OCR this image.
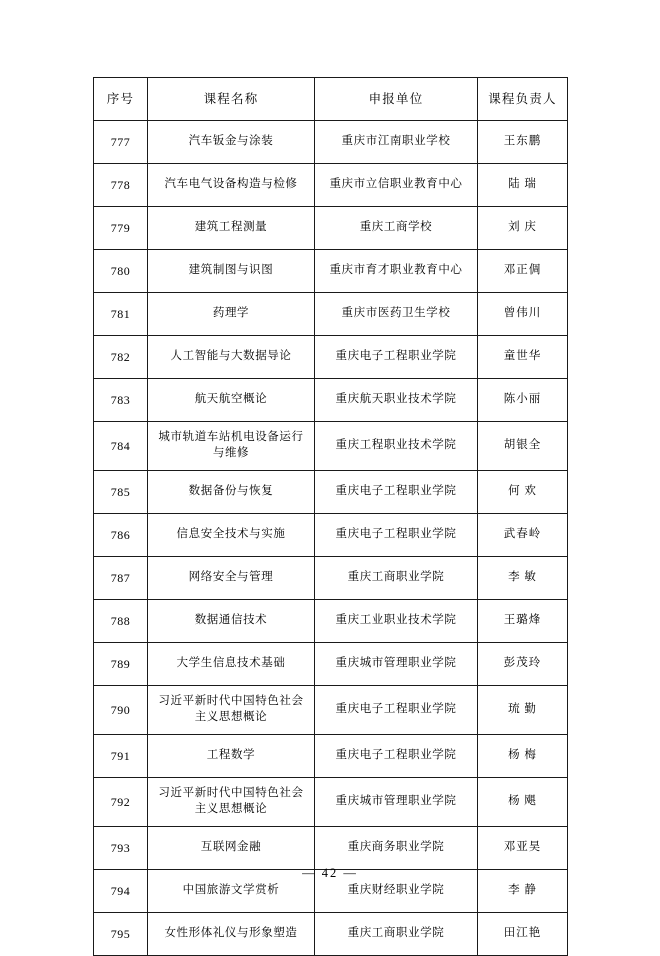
序号	课程名称	申报单位	课程负责人
777	汽车钣金与涂装	重庆市江南职业学校	王东鹏

778	汽车电气设备构造与检修	重庆市立信职业教育中心	陆 瑞

779	建筑工程测量	重庆工商学校	刘 庆

780	建筑制图与识图	重庆市育才职业教育中心	邓正倜

781	药理学	重庆市医药卫生学校	曾伟川

782	人工智能与大数据导论	重庆电子工程职业学院	童世华

783	航天航空概论	重庆航天职业技术学院	陈小丽

784	城市轨道车站机电设备运行与维修	重庆工程职业技术学院	胡银全

785	数据备份与恢复	重庆电子工程职业学院	何 欢

786	信息安全技术与实施	重庆电子工程职业学院	武春岭

787	网络安全与管理	重庆工商职业学院	李 敏

788	数据通信技术	重庆工业职业技术学院	王璐烽

789	大学生信息技术基础	重庆城市管理职业学院	彭茂玲

790	习近平新时代中国特色社会主义思想概论	重庆电子工程职业学院	琉 勤

791	工程数学	重庆电子工程职业学院	杨 梅

792	习近平新时代中国特色社会主义思想概论	重庆城市管理职业学院	杨 飓

793	互联网金融	重庆商务职业学院	邓亚昊

794	中国旅游文学赏析	重庆财经职业学院	李 静

795	女性形体礼仪与形象塑造	重庆工商职业学院	田江艳
— 42 —
